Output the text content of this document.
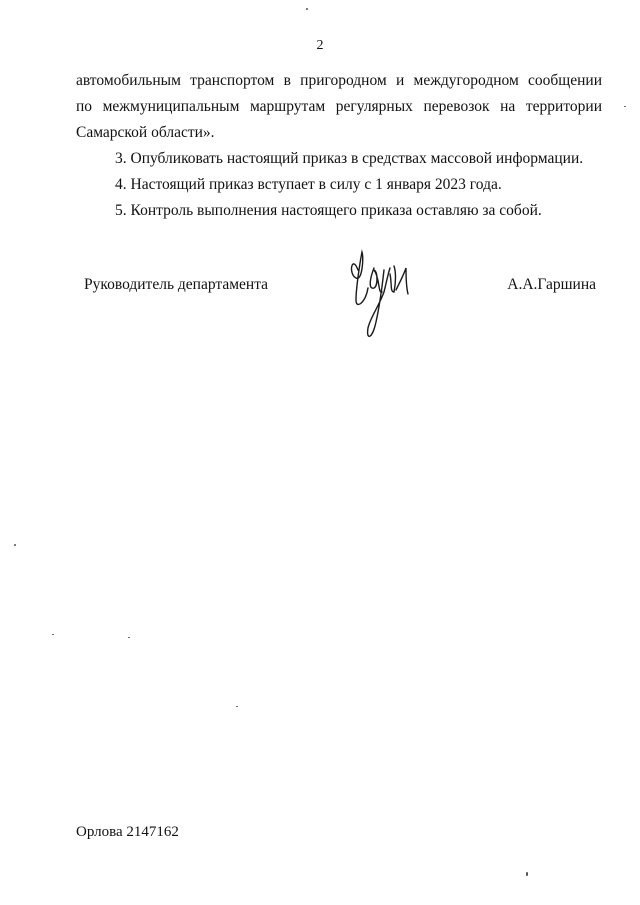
2

автомобильным транспортом в пригородном и междугородном сообщении
по межмуниципальным маршрутам регулярных перевозок на территории
Самарской области».

3. Опубликовать настоящий приказ в средствах массовой информации.

4. Настоящий приказ вступает в силу с 1 января 2023 года.

5. Контроль выполнения настоящего приказа оставляю за собой.

Руководитель департамента	А.А.Гаршина
Орлова 2147162
